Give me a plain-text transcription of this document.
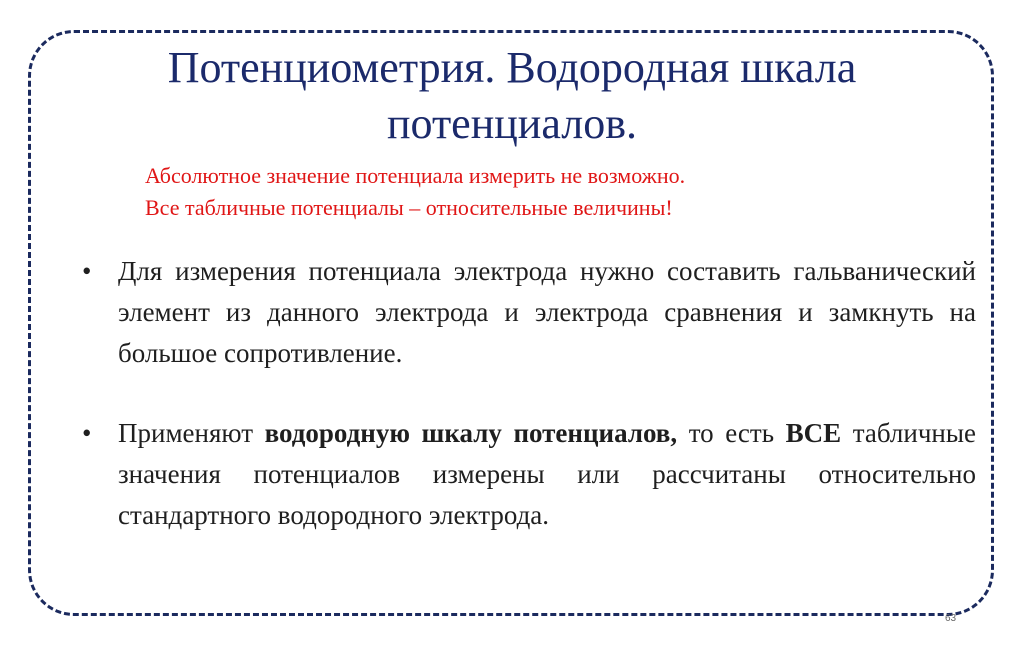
Потенциометрия. Водородная шкала
потенциалов.
Абсолютное значение потенциала измерить не возможно.
Все табличные потенциалы – относительные величины!
• Для измерения потенциала электрода нужно составить гальванический элемент из данного электрода и электрода сравнения и замкнуть на большое сопротивление.
• Применяют водородную шкалу потенциалов, то есть ВСЕ табличные значения потенциалов измерены или рассчитаны относительно стандартного водородного электрода.
63
